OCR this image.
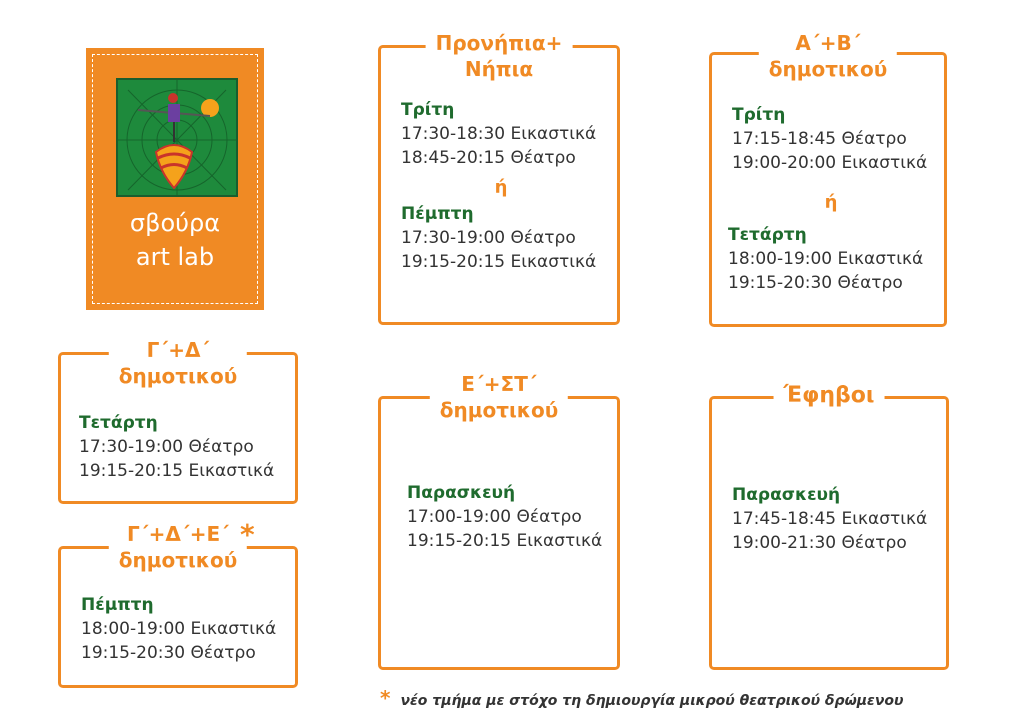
σβούρα
art lab
Προνήπια+
Νήπια
Τρίτη
17:30-18:30 Εικαστικά
18:45-20:15 Θέατρο
ή
Πέμπτη
17:30-19:00 Θέατρο
19:15-20:15 Εικαστικά
Α΄+Β΄
δημοτικού
Τρίτη
17:15-18:45 Θέατρο
19:00-20:00 Εικαστικά
ή
Τετάρτη
18:00-19:00 Εικαστικά
19:15-20:30 Θέατρο
Γ΄+Δ΄
δημοτικού
Τετάρτη
17:30-19:00 Θέατρο
19:15-20:15 Εικαστικά
Γ΄+Δ΄+Ε΄
δημοτικού
Πέμπτη
18:00-19:00 Εικαστικά
19:15-20:30 Θέατρο
*
Ε΄+ΣΤ΄
δημοτικού
Παρασκευή
17:00-19:00 Θέατρο
19:15-20:15 Εικαστικά
Έφηβοι
Παρασκευή
17:45-18:45 Εικαστικά
19:00-21:30 Θέατρο
* νέο τμήμα με στόχο τη δημιουργία μικρού θεατρικού δρώμενου
